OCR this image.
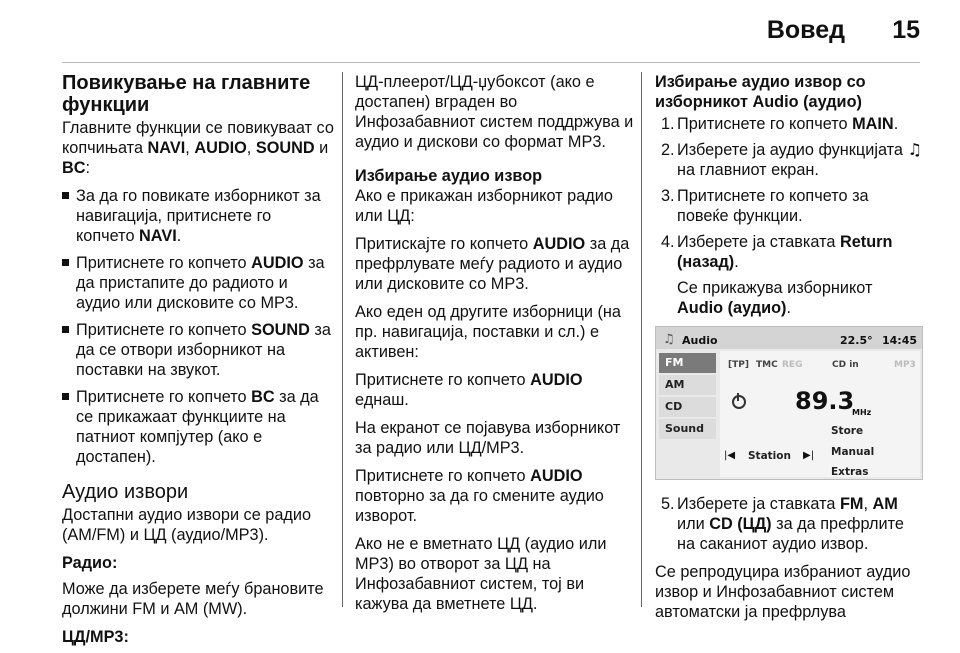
Вовед 15
Повикување на главните функции

Главните функции се повикуваат со копчињата NAVI, AUDIO, SOUND и BC:

За да го повикате изборникот за навигација, притиснете го копчето NAVI.
Притиснете го копчето AUDIO за да пристапите до радиото и аудио или дисковите со MP3.
Притиснете го копчето SOUND за да се отвори изборникот на поставки на звукот.
Притиснете го копчето BC за да се прикажаат функциите на патниот компјутер (ако е достапен).
Аудио извори

Достапни аудио извори се радио (AM/FM) и ЦД (аудио/MP3).

Радио:

Може да изберете меѓу брановите должини FM и AM (MW).

ЦД/MP3:

ЦД-плеерот/ЦД-џубоксот (ако е достапен) вграден во Инфозабавниот систем поддржува и аудио и дискови со формат MP3.

Избирање аудио извор

Ако е прикажан изборникот радио или ЦД:

Притискајте го копчето AUDIO за да префрлувате меѓу радиото и аудио или дисковите со MP3.

Ако еден од другите изборници (на пр. навигација, поставки и сл.) е активен:

Притиснете го копчето AUDIO еднаш.

На екранот се појавува изборникот за радио или ЦД/MP3.

Притиснете го копчето AUDIO повторно за да го смените аудио изворот.

Ако не е вметнато ЦД (аудио или MP3) во отворот за ЦД на Инфозабавниот систем, тој ви кажува да вметнете ЦД.

Избирање аудио извор со изборникот Audio (аудио)
1. Притиснете го копчето MAIN.
2. Изберете ја аудио функцијата ♫ на главниот екран.
3. Притиснете го копчето за повеќе функции.
4. Изберете ја ставката Return (назад).
Се прикажува изборникот Audio (аудио).
♫ Audio	22.5° 14:45
FM
AM
CD
Sound
[TP] TMC REG	CD in	MP3
89.3
MHz
|◀ Station ▶|
Store
Manual
Extras
5. Изберете ја ставката FM, AM или CD (ЦД) за да префрлите на саканиот аудио извор.

Се репродуцира избраниот аудио извор и Инфозабавниот систем автоматски ја префрлува
